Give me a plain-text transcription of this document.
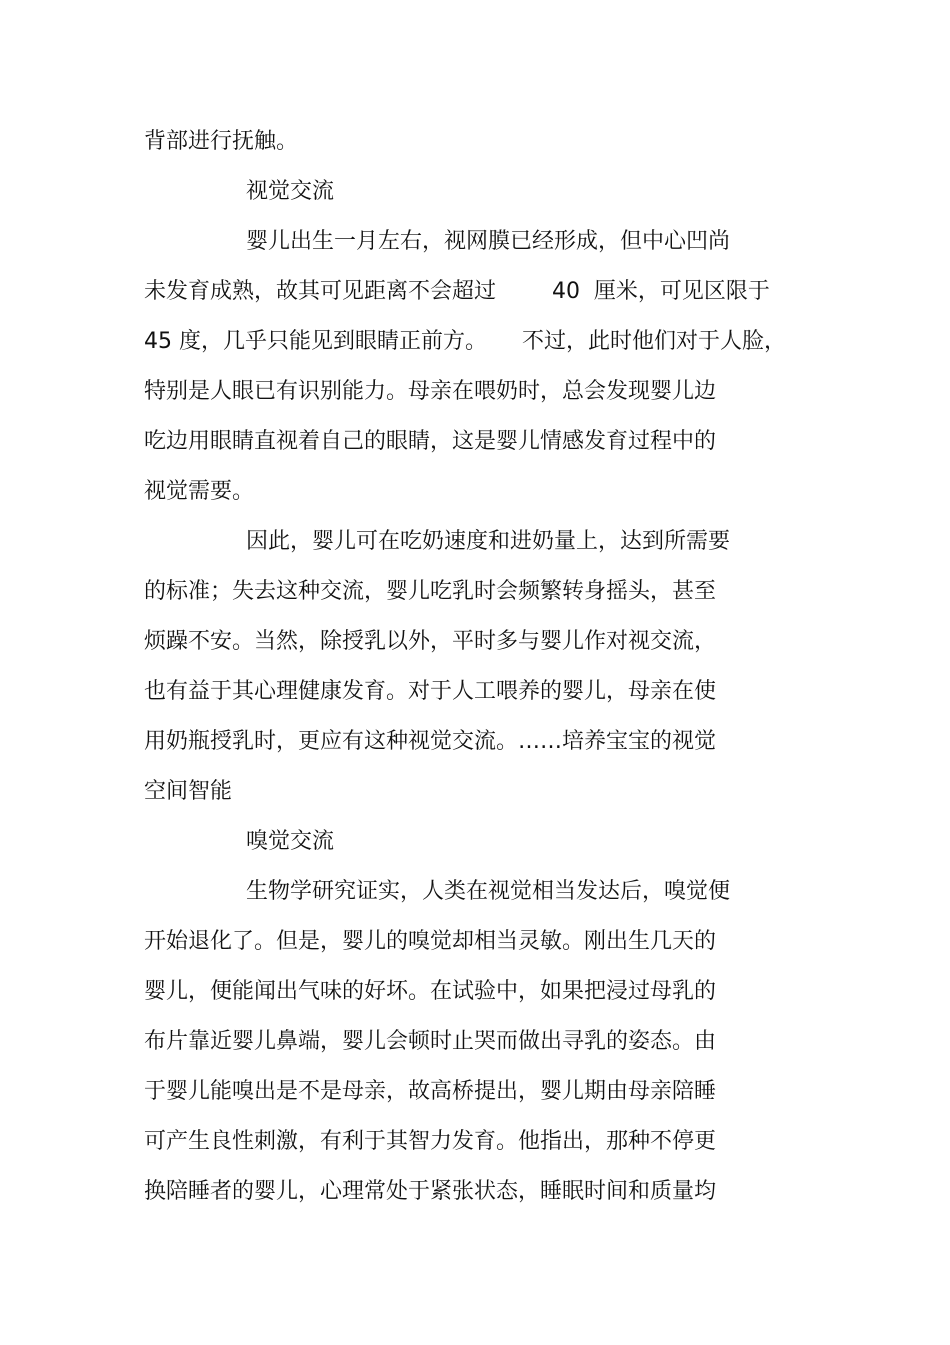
背部进行抚触。

视觉交流

婴儿出生一月左右，视网膜已经形成，但中心凹尚

未发育成熟，故其可见距离不会超过        40  厘米，可见区限于

45 度，几乎只能见到眼睛正前方。     不过，此时他们对于人脸，

特别是人眼已有识别能力。母亲在喂奶时，总会发现婴儿边

吃边用眼睛直视着自己的眼睛，这是婴儿情感发育过程中的

视觉需要。

因此，婴儿可在吃奶速度和进奶量上，达到所需要

的标准；失去这种交流，婴儿吃乳时会频繁转身摇头，甚至

烦躁不安。当然，除授乳以外，平时多与婴儿作对视交流，

也有益于其心理健康发育。对于人工喂养的婴儿，母亲在使

用奶瓶授乳时，更应有这种视觉交流。……培养宝宝的视觉

空间智能

嗅觉交流

生物学研究证实，人类在视觉相当发达后，嗅觉便

开始退化了。但是，婴儿的嗅觉却相当灵敏。刚出生几天的

婴儿，便能闻出气味的好坏。在试验中，如果把浸过母乳的

布片靠近婴儿鼻端，婴儿会顿时止哭而做出寻乳的姿态。由

于婴儿能嗅出是不是母亲，故高桥提出，婴儿期由母亲陪睡

可产生良性刺激，有利于其智力发育。他指出，那种不停更

换陪睡者的婴儿，心理常处于紧张状态，睡眠时间和质量均
